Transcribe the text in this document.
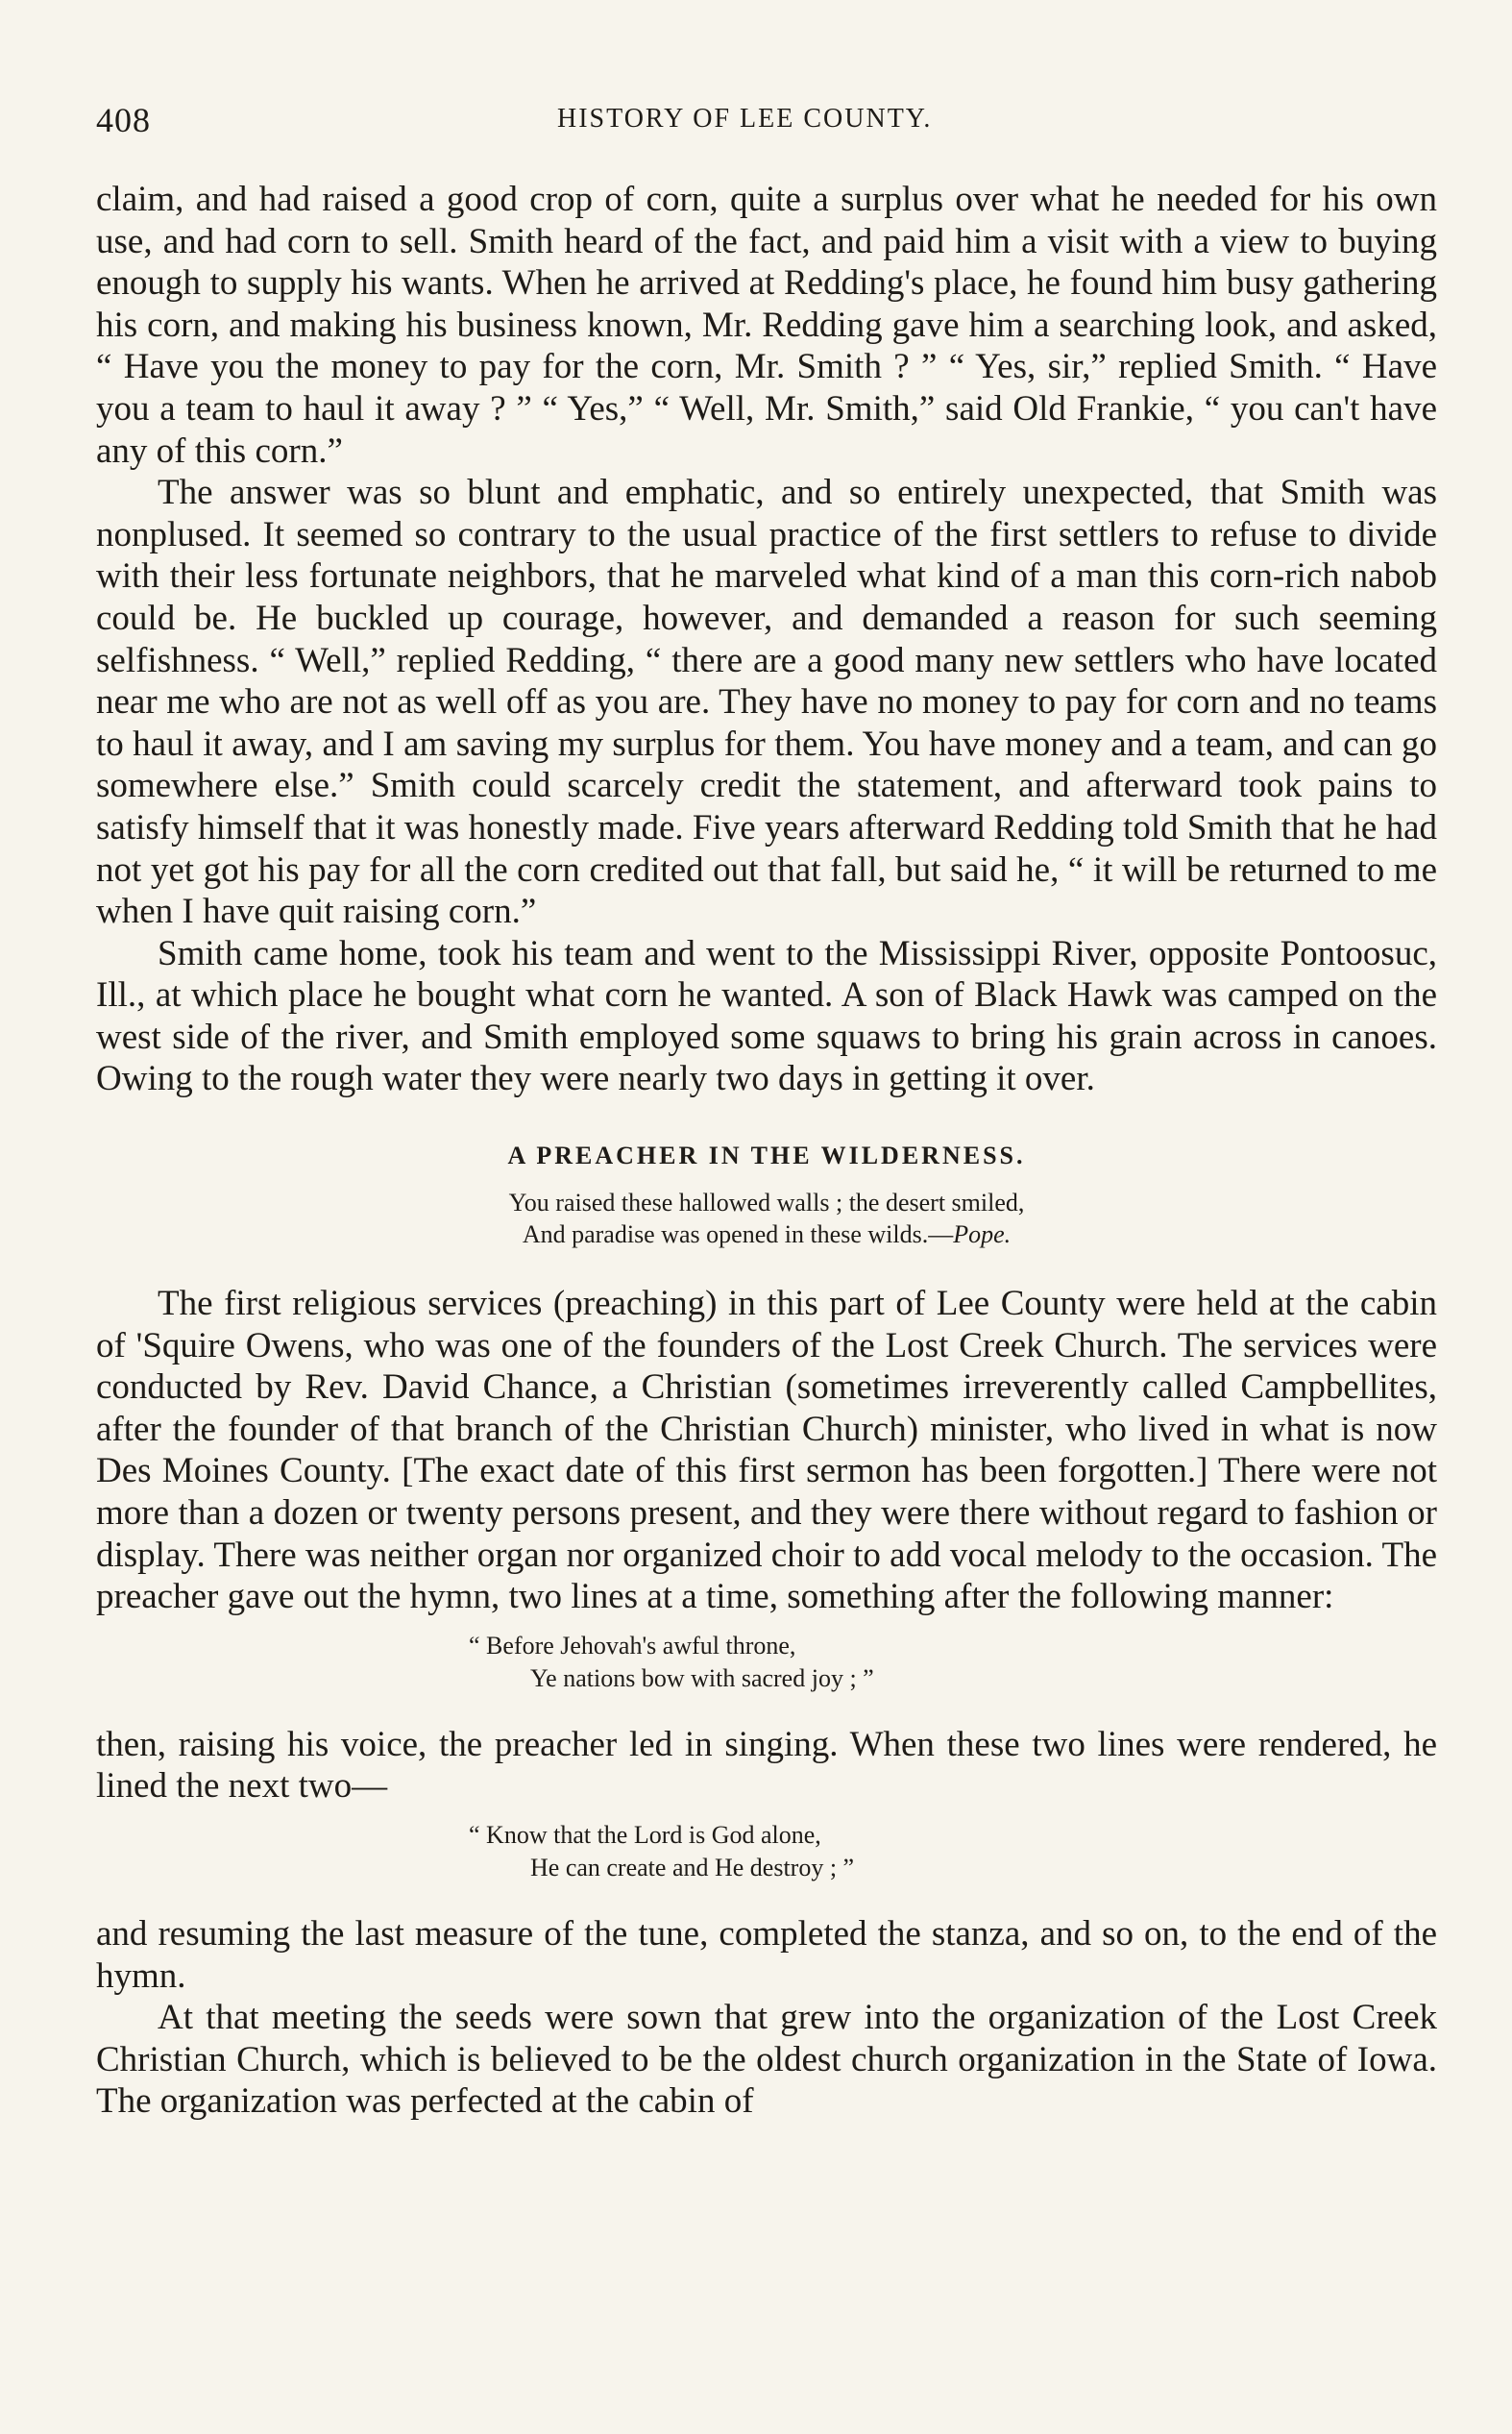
408	HISTORY OF LEE COUNTY.

claim, and had raised a good crop of corn, quite a surplus over what he needed for his own use, and had corn to sell. Smith heard of the fact, and paid him a visit with a view to buying enough to supply his wants. When he arrived at Redding's place, he found him busy gathering his corn, and making his business known, Mr. Redding gave him a searching look, and asked, “ Have you the money to pay for the corn, Mr. Smith ? ” “ Yes, sir,” replied Smith. “ Have you a team to haul it away ? ” “ Yes,” “ Well, Mr. Smith,” said Old Frankie, “ you can't have any of this corn.”

The answer was so blunt and emphatic, and so entirely unexpected, that Smith was nonplused. It seemed so contrary to the usual practice of the first settlers to refuse to divide with their less fortunate neighbors, that he marveled what kind of a man this corn-rich nabob could be. He buckled up courage, however, and demanded a reason for such seeming selfishness. “ Well,” replied Redding, “ there are a good many new settlers who have located near me who are not as well off as you are. They have no money to pay for corn and no teams to haul it away, and I am saving my surplus for them. You have money and a team, and can go somewhere else.” Smith could scarcely credit the statement, and afterward took pains to satisfy himself that it was honestly made. Five years afterward Redding told Smith that he had not yet got his pay for all the corn credited out that fall, but said he, “ it will be returned to me when I have quit raising corn.”

Smith came home, took his team and went to the Mississippi River, opposite Pontoosuc, Ill., at which place he bought what corn he wanted. A son of Black Hawk was camped on the west side of the river, and Smith employed some squaws to bring his grain across in canoes. Owing to the rough water they were nearly two days in getting it over.

A PREACHER IN THE WILDERNESS.
You raised these hallowed walls ; the desert smiled,
And paradise was opened in these wilds.—Pope.

The first religious services (preaching) in this part of Lee County were held at the cabin of 'Squire Owens, who was one of the founders of the Lost Creek Church. The services were conducted by Rev. David Chance, a Christian (sometimes irreverently called Campbellites, after the founder of that branch of the Christian Church) minister, who lived in what is now Des Moines County. [The exact date of this first sermon has been forgotten.] There were not more than a dozen or twenty persons present, and they were there without regard to fashion or display. There was neither organ nor organized choir to add vocal melody to the occasion. The preacher gave out the hymn, two lines at a time, something after the following manner:

“ Before Jehovah's awful throne,
Ye nations bow with sacred joy ; ”

then, raising his voice, the preacher led in singing. When these two lines were rendered, he lined the next two—

“ Know that the Lord is God alone,
He can create and He destroy ; ”

and resuming the last measure of the tune, completed the stanza, and so on, to the end of the hymn.

At that meeting the seeds were sown that grew into the organization of the Lost Creek Christian Church, which is believed to be the oldest church organization in the State of Iowa. The organization was perfected at the cabin of
